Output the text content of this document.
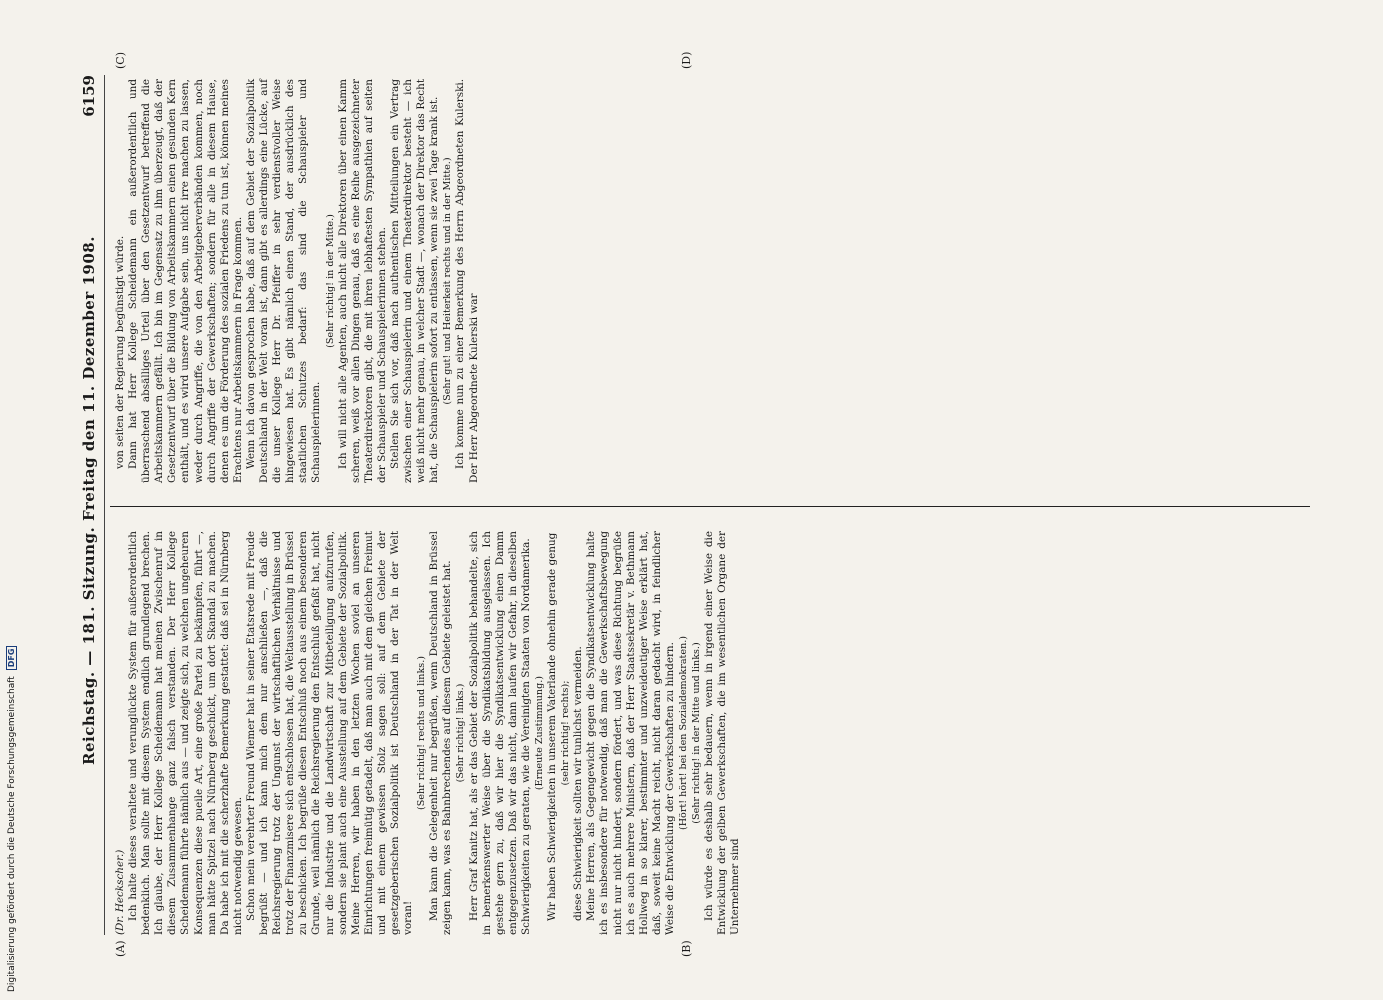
Reichstag. — 181. Sitzung. Freitag den 11. Dezember 1908.
6159

(Dr. Heckscher.) Ich halte dieses veraltete und verunglückte System für außerordentlich bedenklich. Man sollte mit diesem System endlich grundlegend brechen. Ich glaube, der Herr Kollege Scheidemann hat meinen Zwischenruf in diesem Zusammenhange ganz falsch verstanden. Der Herr Kollege Scheidemann führte nämlich aus — und zeigte sich, zu welchen ungeheuren Konsequenzen diese pueile Art, eine große Partei zu bekämpfen, führt —, man hätte Spitzel nach Nürnberg geschickt, um dort Skandal zu machen. Da habe ich mit die scherzhafte Bemerkung gestattet: daß sei in Nürnberg nicht notwendig gewesen. Schon mein verehrter Freund Wiemer hat in seiner Etatsrede mit Freude begrüßt — und ich kann mich dem nur anschließen —, daß die Reichsregierung trotz der Ungunst der wirtschaftlichen Verhältnisse und trotz der Finanzmisere sich entschlossen hat, die Weltausstellung in Brüssel zu beschicken. Ich begrüße diesen Entschluß noch aus einem besonderen Grunde, weil nämlich die Reichsregierung den Entschluß gefaßt hat, nicht nur die Industrie und die Landwirtschaft zur Mitbeteiligung aufzurufen, sondern sie plant auch eine Ausstellung auf dem Gebiete der Sozialpolitik. Meine Herren, wir haben in den letzten Wochen soviel an unseren Einrichtungen freimütig getadelt, daß man auch mit dem gleichen Freimut und mit einem gewissen Stolz sagen soll: auf dem Gebiete der gesetzgeberischen Sozialpolitik ist Deutschland in der Tat in der Welt voran!

(Sehr richtig! rechts und links.) Man kann die Gelegenheit nur begrüßen, wenn Deutschland in Brüssel zeigen kann, was es Bahnbrechendes auf diesem Gebiete geleistet hat. (Sehr richtig! links.) Herr Graf Kanitz hat, als er das Gebiet der Sozialpolitik behandelte, sich in bemerkenswerter Weise über die Syndikatsbildung ausgelassen. Ich gestehe gern zu, daß wir hier die Syndikatsentwicklung einen Damm entgegenzusetzen. Daß wir das nicht, dann laufen wir Gefahr, in dieselben Schwierigkeiten zu geraten, wie die Vereinigten Staaten von Nordamerika. (Erneute Zustimmung.) Wir haben Schwierigkeiten in unserem Vaterlande ohnehin gerade genug (sehr richtig! rechts); diese Schwierigkeit sollten wir tunlichst vermeiden. Meine Herren, als Gegengewicht gegen die Syndikatsentwicklung halte ich es insbesondere für notwendig, daß man die Gewerkschaftsbewegung nicht nur nicht hindert, sondern fördert, und was diese Richtung begrüße ich es auch mehrere Ministern, daß der Herr Staatssekretär v. Bethmann Hollweg in so klarer, bestimmter und unzweideutiger Weise erklärt hat, daß, soweit keine Macht reicht, nicht daran gedacht wird, in feindlicher Weise die Entwicklung der Gewerkschaften zu hindern. (Hört! hört! bei den Sozialdemokraten.) (Sehr richtig! in der Mitte und links.) Ich würde es deshalb sehr bedauern, wenn in irgend einer Weise die Entwicklung der gelben Gewerkschaften, die im wesentlichen Organe der Unternehmer sind

von seiten der Regierung begünstigt würde. Dann hat Herr Kollege Scheidemann ein außerordentlich und überraschend absälliges Urteil über den Gesetzentwurf betreffend die Arbeitskammern gefällt. Ich bin im Gegensatz zu ihm überzeugt, daß der Gesetzentwurf über die Bildung von Arbeitskammern einen gesunden Kern enthält, und es wird unsere Aufgabe sein, uns nicht irre machen zu lassen, weder durch Angriffe, die von den Arbeitgeberverbänden kommen, noch durch Angriffe der Gewerkschaften; sondern für alle in diesem Hause, denen es um die Förderung des sozialen Friedens zu tun ist, können meines Erachtens nur Arbeitskammern in Frage kommen. Wenn ich davon gesprochen habe, daß auf dem Gebiet der Sozialpolitik Deutschland in der Welt voran ist, dann gibt es allerdings eine Lücke, auf die unser Kollege Herr Dr. Pfeiffer in sehr verdienstvoller Weise hingewiesen hat. Es gibt nämlich einen Stand, der ausdrücklich des staatlichen Schutzes bedarf: das sind die Schauspieler und Schauspielerinnen.

(Sehr richtig! in der Mitte.) Ich will nicht alle Agenten, auch nicht alle Direktoren über einen Kamm scheren, weiß vor allen Dingen genau, daß es eine Reihe ausgezeichneter Theaterdirektoren gibt, die mit ihren lebhaftesten Sympathien auf seiten der Schauspieler und Schauspielerinnen stehen. Stellen Sie sich vor, daß nach authentischen Mitteilungen ein Vertrag zwischen einer Schauspielerin und einem Theaterdirektor besteht — ich weiß nicht mehr genau, in welcher Stadt —, wonach der Direktor das Recht hat, die Schauspielerin sofort zu entlassen, wenn sie zwei Tage krank ist. (Sehr gut! und Heiterkeit rechts und in der Mitte.) Ich komme nun zu einer Bemerkung des Herrn Abgeordneten Kulerski. Der Herr Abgeordnete Kulerski war

(A)	(B)
(C)	(D)
Digitalisierung gefördert durch die Deutsche ForschungsgemeinschaftDFG
